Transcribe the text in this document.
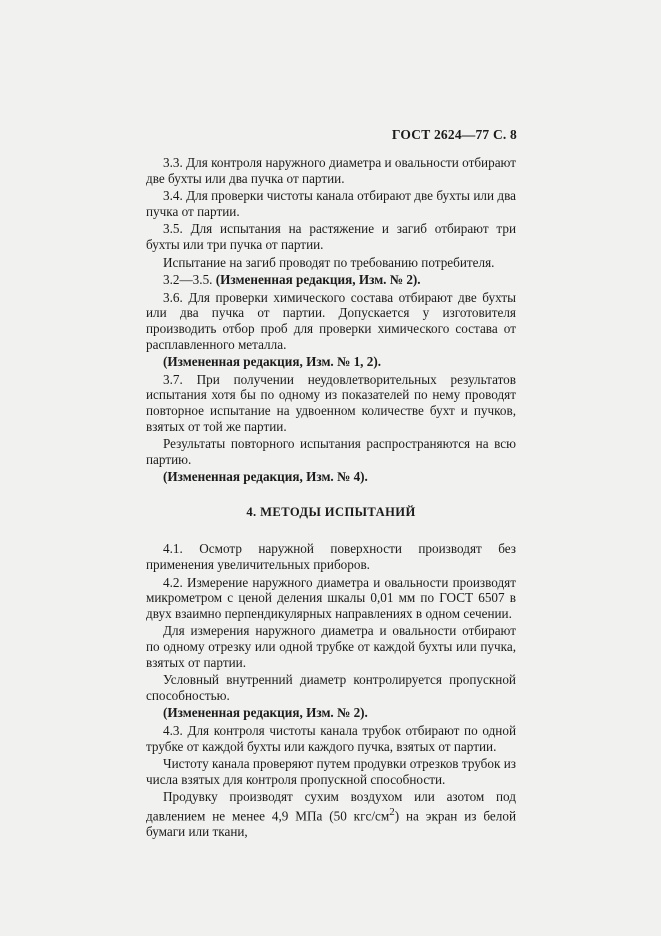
ГОСТ 2624—77 С. 8

3.3. Для контроля наружного диаметра и овальности отбирают две бухты или два пучка от партии.

3.4. Для проверки чистоты канала отбирают две бухты или два пучка от партии.

3.5. Для испытания на растяжение и загиб отбирают три бухты или три пучка от партии.

Испытание на загиб проводят по требованию потребителя.

3.2—3.5. (Измененная редакция, Изм. № 2).

3.6. Для проверки химического состава отбирают две бухты или два пучка от партии. Допускается у изготовителя производить отбор проб для проверки химического состава от расплавленного металла.

(Измененная редакция, Изм. № 1, 2).

3.7. При получении неудовлетворительных результатов испытания хотя бы по одному из показателей по нему проводят повторное испытание на удвоенном количестве бухт и пучков, взятых от той же партии.

Результаты повторного испытания распространяются на всю партию.

(Измененная редакция, Изм. № 4).

4. МЕТОДЫ ИСПЫТАНИЙ

4.1. Осмотр наружной поверхности производят без применения увеличительных приборов.

4.2. Измерение наружного диаметра и овальности производят микрометром с ценой деления шкалы 0,01 мм по ГОСТ 6507 в двух взаимно перпендикулярных направлениях в одном сечении.

Для измерения наружного диаметра и овальности отбирают по одному отрезку или одной трубке от каждой бухты или пучка, взятых от партии.

Условный внутренний диаметр контролируется пропускной способностью.

(Измененная редакция, Изм. № 2).

4.3. Для контроля чистоты канала трубок отбирают по одной трубке от каждой бухты или каждого пучка, взятых от партии.

Чистоту канала проверяют путем продувки отрезков трубок из числа взятых для контроля пропускной способности.

Продувку производят сухим воздухом или азотом под давлением не менее 4,9 МПа (50 кгс/$см^2$) на экран из белой бумаги или ткани,
